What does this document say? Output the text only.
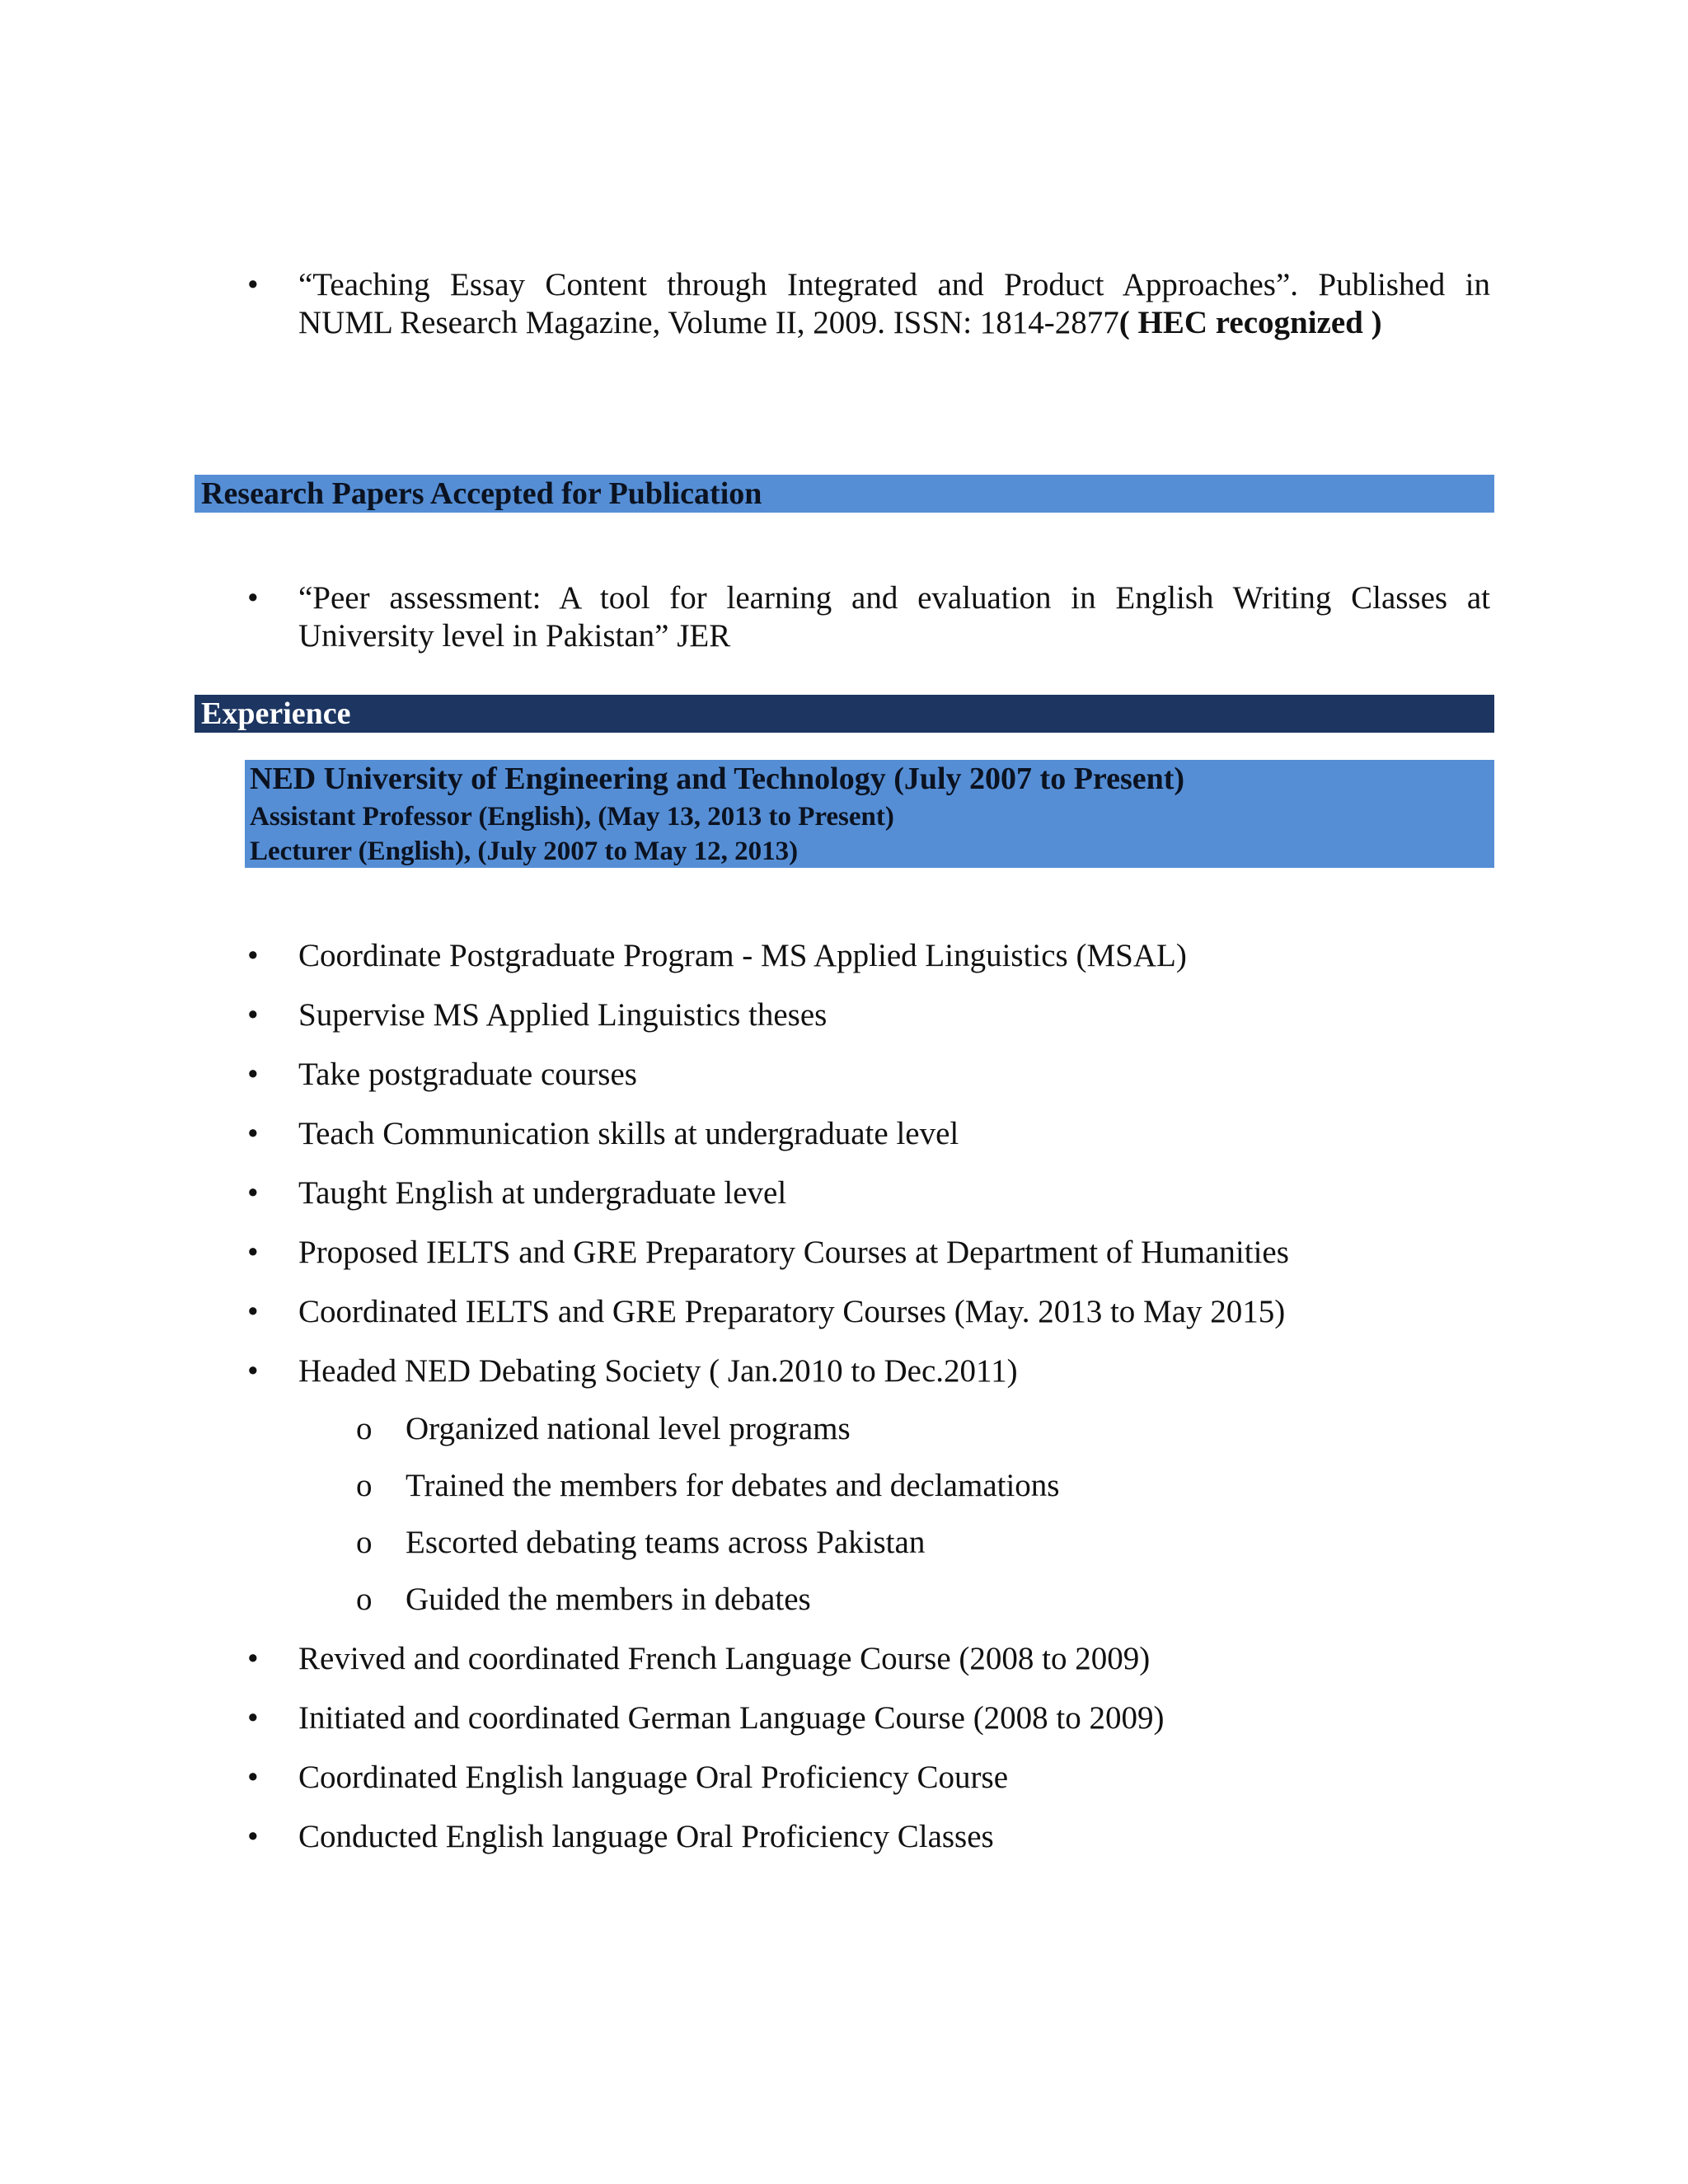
• “Teaching Essay Content through Integrated and Product Approaches”. Published in
NUML Research Magazine, Volume II, 2009. ISSN: 1814-2877( HEC recognized )
Research Papers Accepted for Publication
• “Peer assessment: A tool for learning and evaluation in English Writing Classes at
University level in Pakistan” JER
Experience
NED University of Engineering and Technology (July 2007 to Present)
Assistant Professor (English), (May 13, 2013 to Present)
Lecturer (English), (July 2007 to May 12, 2013)
• Coordinate Postgraduate Program - MS Applied Linguistics (MSAL)
• Supervise MS Applied Linguistics theses
• Take postgraduate courses
• Teach Communication skills at undergraduate level
• Taught English at undergraduate level
• Proposed IELTS and GRE Preparatory Courses at Department of Humanities
• Coordinated IELTS and GRE Preparatory Courses (May. 2013 to May 2015)
• Headed NED Debating Society ( Jan.2010 to Dec.2011)
o Organized national level programs
o Trained the members for debates and declamations
o Escorted debating teams across Pakistan
o Guided the members in debates
• Revived and coordinated French Language Course (2008 to 2009)
• Initiated and coordinated German Language Course (2008 to 2009)
• Coordinated English language Oral Proficiency Course
• Conducted English language Oral Proficiency Classes
